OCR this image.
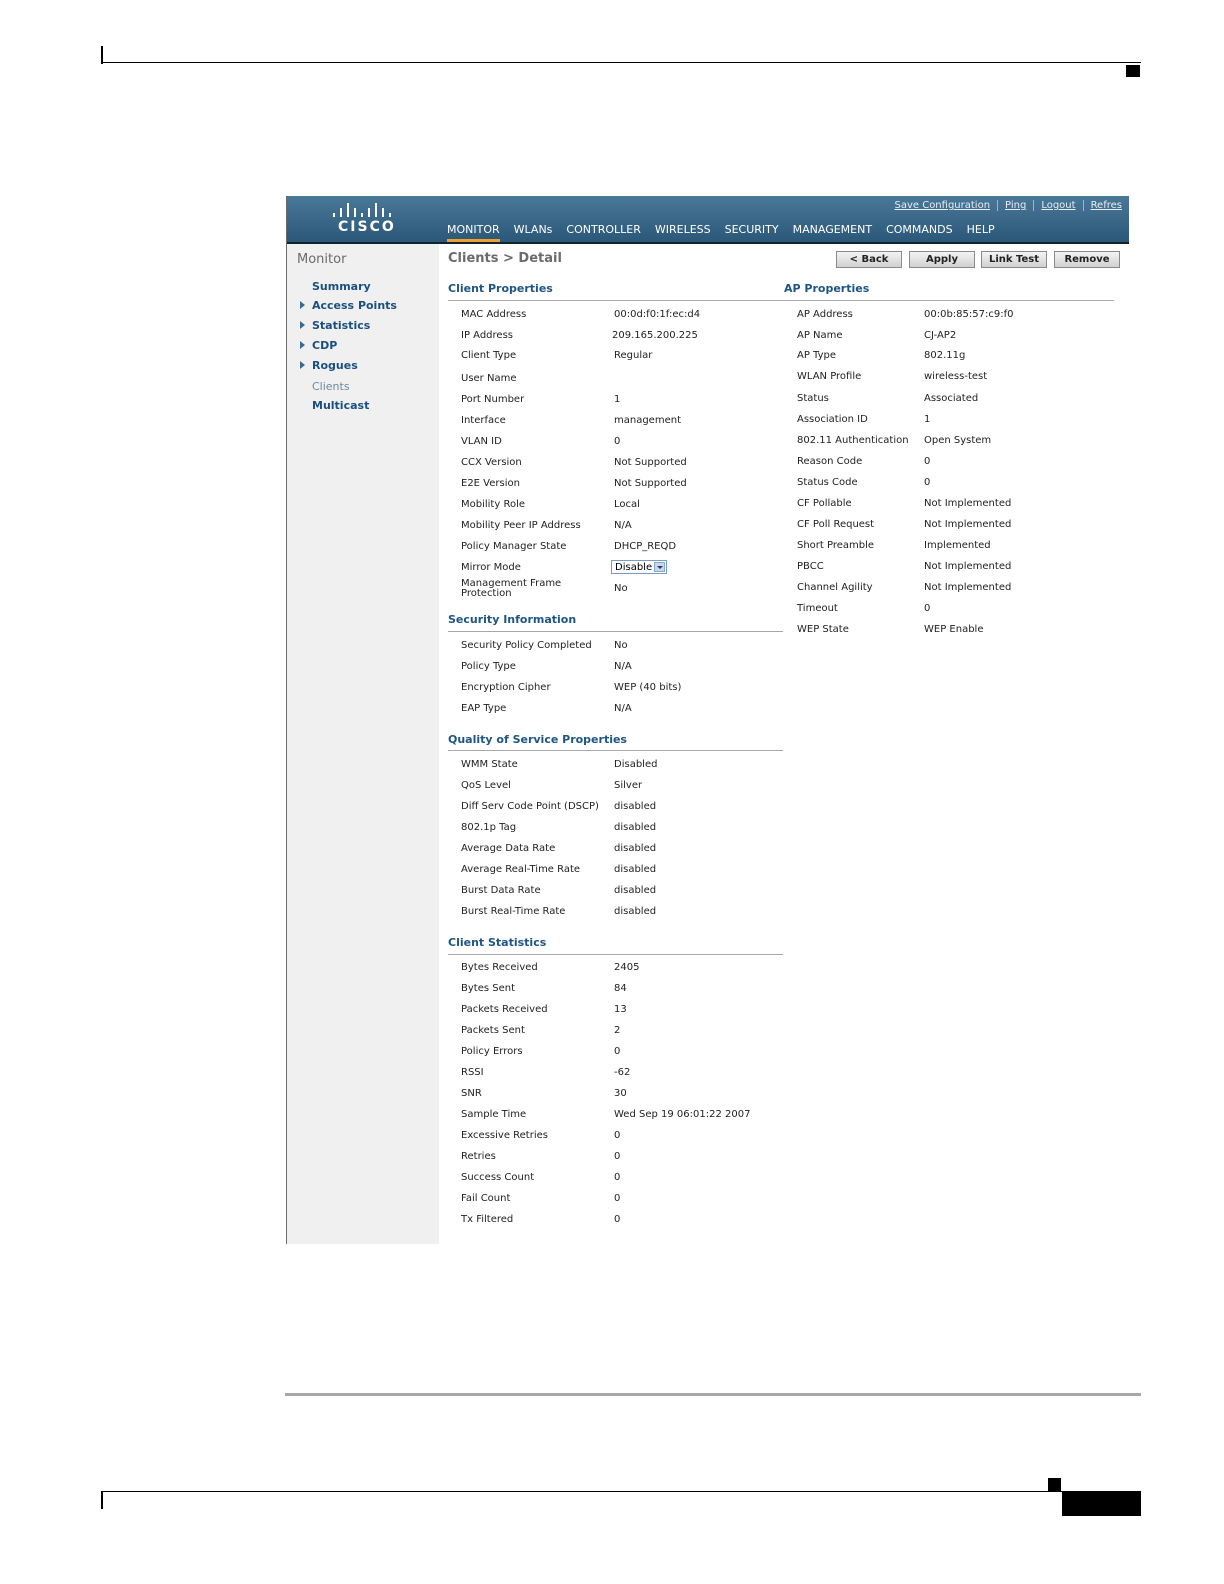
CISCO
Save Configuration Ping Logout Refres
MONITOR WLANs CONTROLLER WIRELESS SECURITY MANAGEMENT COMMANDS HELP
Monitor
Summary
Access Points
Statistics
CDP
Rogues
Clients
Multicast
Clients > Detail	< Back	Apply	Link Test	Remove
Client Properties
MAC Address	00:0d:f0:1f:ec:d4
IP Address	209.165.200.225
Client Type	Regular
User Name
Port Number	1
Interface	management
VLAN ID	0
CCX Version	Not Supported
E2E Version	Not Supported
Mobility Role	Local
Mobility Peer IP Address	N/A
Policy Manager State	DHCP_REQD
Mirror Mode	Disable
Management Frame
Protection	No
Security Information
Security Policy Completed No
Policy Type	N/A
Encryption Cipher	WEP (40 bits)
EAP Type	N/A
Quality of Service Properties
WMM State	Disabled
QoS Level	Silver
Diff Serv Code Point (DSCP) disabled
802.1p Tag	disabled
Average Data Rate	disabled
Average Real-Time Rate	disabled
Burst Data Rate	disabled
Burst Real-Time Rate	disabled
Client Statistics
Bytes Received	2405
Bytes Sent	84
Packets Received	13
Packets Sent	2
Policy Errors	0
RSSI	-62
SNR	30
Sample Time	Wed Sep 19 06:01:22 2007
Excessive Retries	0
Retries	0
Success Count	0
Fail Count	0
Tx Filtered	0
AP Properties
AP Address	00:0b:85:57:c9:f0
AP Name	CJ-AP2
AP Type	802.11g
WLAN Profile	wireless-test
Status	Associated
Association ID	1
802.11 Authentication Open System
Reason Code	0
Status Code	0
CF Pollable	Not Implemented
CF Poll Request	Not Implemented
Short Preamble	Implemented
PBCC	Not Implemented
Channel Agility	Not Implemented
Timeout	0
WEP State	WEP Enable
